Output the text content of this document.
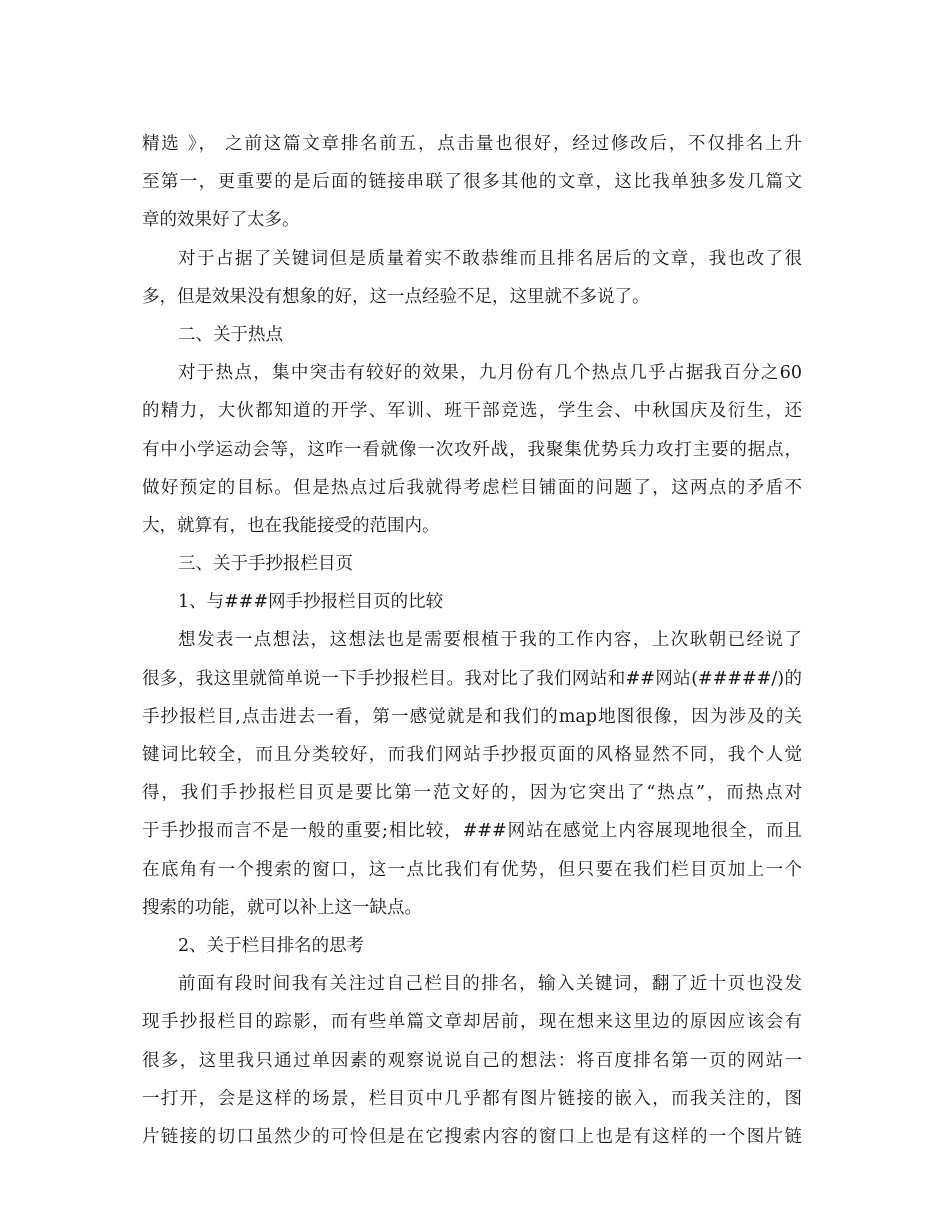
精选 》， 之前这篇文章排名前五，点击量也很好，经过修改后，不仅排名上升
至第一，更重要的是后面的链接串联了很多其他的文章，这比我单独多发几篇文
章的效果好了太多。
对于占据了关键词但是质量着实不敢恭维而且排名居后的文章，我也改了很
多，但是效果没有想象的好，这一点经验不足，这里就不多说了。
二、关于热点
对于热点，集中突击有较好的效果，九月份有几个热点几乎占据我百分之60
的精力，大伙都知道的开学、军训、班干部竞选，学生会、中秋国庆及衍生，还
有中小学运动会等，这咋一看就像一次攻歼战，我聚集优势兵力攻打主要的据点，
做好预定的目标。但是热点过后我就得考虑栏目铺面的问题了，这两点的矛盾不
大，就算有，也在我能接受的范围内。
三、关于手抄报栏目页
1、与###网手抄报栏目页的比较
想发表一点想法，这想法也是需要根植于我的工作内容，上次耿朝已经说了
很多，我这里就简单说一下手抄报栏目。我对比了我们网站和##网站(#####/)的
手抄报栏目,点击进去一看，第一感觉就是和我们的map地图很像，因为涉及的关
键词比较全，而且分类较好，而我们网站手抄报页面的风格显然不同，我个人觉
得，我们手抄报栏目页是要比第一范文好的，因为它突出了“热点”，而热点对
于手抄报而言不是一般的重要;相比较，###网站在感觉上内容展现地很全，而且
在底角有一个搜索的窗口，这一点比我们有优势，但只要在我们栏目页加上一个
搜索的功能，就可以补上这一缺点。
2、关于栏目排名的思考
前面有段时间我有关注过自己栏目的排名，输入关键词，翻了近十页也没发
现手抄报栏目的踪影，而有些单篇文章却居前，现在想来这里边的原因应该会有
很多，这里我只通过单因素的观察说说自己的想法：将百度排名第一页的网站一
一打开，会是这样的场景，栏目页中几乎都有图片链接的嵌入，而我关注的，图
片链接的切口虽然少的可怜但是在它搜索内容的窗口上也是有这样的一个图片链
